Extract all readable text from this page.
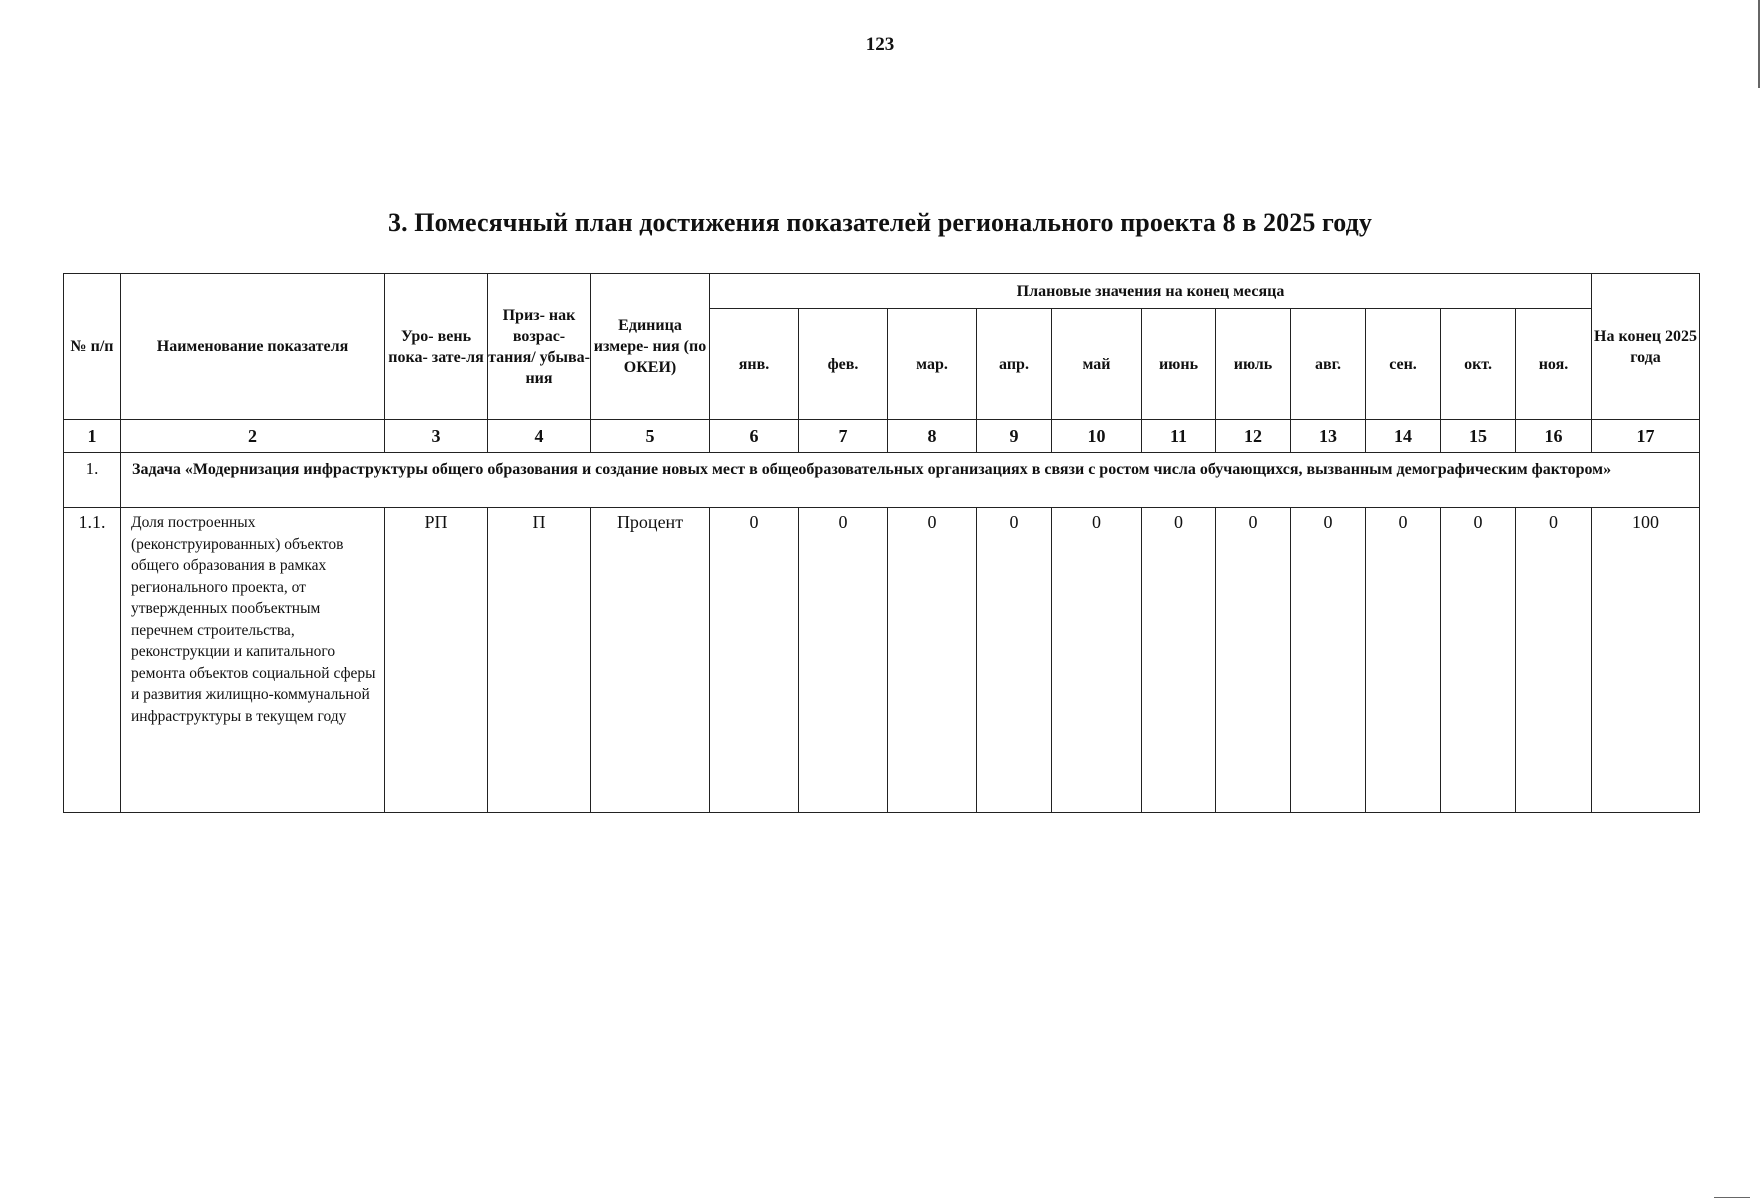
123
3. Помесячный план достижения показателей регионального проекта 8 в 2025 году
№ п/п	Наименование показателя	Уро- вень пока- зате-ля	Приз- нак возрас- тания/ убыва- ния	Единица измере- ния (по ОКЕИ)	Плановые значения на конец месяца											На конец 2025 года
					янв.	фев.	мар.	апр.	май	июнь	июль	авг.	сен.	окт.	ноя.	
1	2	3	4	5	6	7	8	9	10	11	12	13	14	15	16	17
1.	Задача «Модернизация инфраструктуры общего образования и создание новых мест в общеобразовательных организациях в связи с ростом числа обучающихся, вызванным демографическим фактором»															
1.1.	Доля построенных (реконструированных) объектов общего образования в рамках регионального проекта, от утвержденных пообъектным перечнем строительства, реконструкции и капитального ремонта объектов социальной сферы и развития жилищно-коммунальной инфраструктуры в текущем году	РП	П	Процент	0	0	0	0	0	0	0	0	0	0	0	100
